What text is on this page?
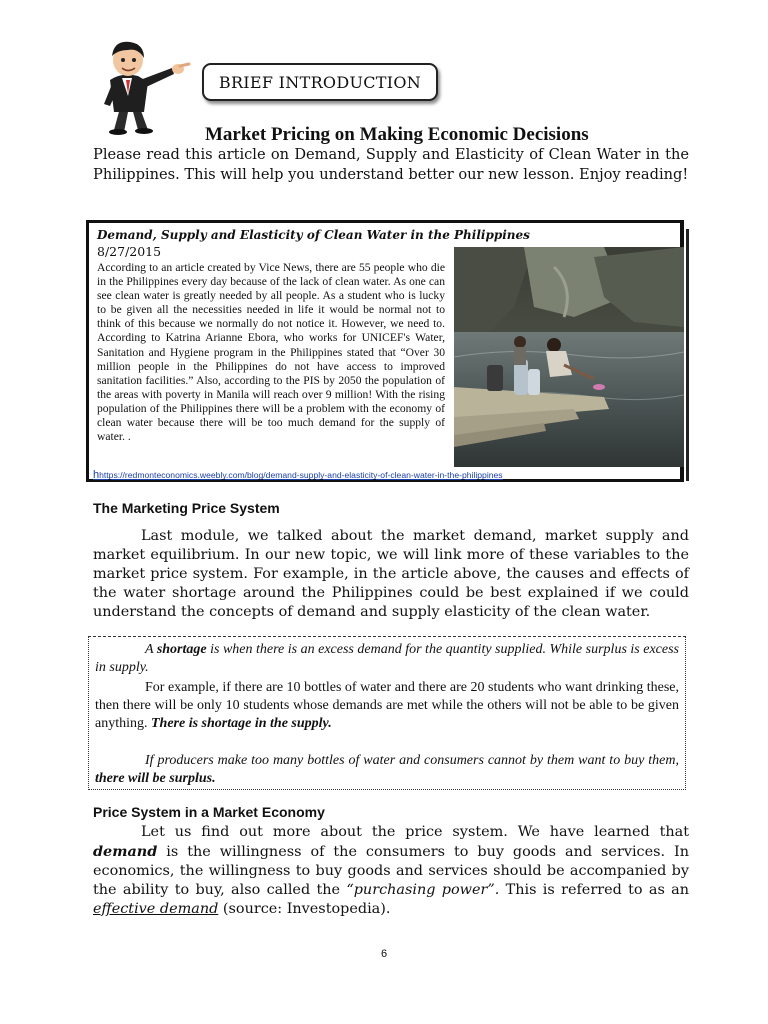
BRIEF INTRODUCTION
Market Pricing on Making Economic Decisions
Please read this article on Demand, Supply and Elasticity of Clean Water in the Philippines. This will help you understand better our new lesson. Enjoy reading!
Demand, Supply and Elasticity of Clean Water in the Philippines
8/27/2015
According to an article created by Vice News, there are 55 people who die in the Philippines every day because of the lack of clean water. As one can see clean water is greatly needed by all people. As a student who is lucky to be given all the necessities needed in life it would be normal not to think of this because we normally do not notice it. However, we need to. According to Katrina Arianne Ebora, who works for UNICEF's Water, Sanitation and Hygiene program in the Philippines stated that “Over 30 million people in the Philippines do not have access to improved sanitation facilities.” Also, according to the PIS by 2050 the population of the areas with poverty in Manila will reach over 9 million! With the rising population of the Philippines there will be a problem with the economy of clean water because there will be too much demand for the supply of water. .
hhttps://redmonteconomics.weebly.com/blog/demand-supply-and-elasticity-of-clean-water-in-the-philippines
The Marketing Price System
Last module, we talked about the market demand, market supply and market equilibrium. In our new topic, we will link more of these variables to the market price system. For example, in the article above, the causes and effects of the water shortage around the Philippines could be best explained if we could understand the concepts of demand and supply elasticity of the clean water.
A shortage is when there is an excess demand for the quantity supplied. While surplus is excess in supply.
For example, if there are 10 bottles of water and there are 20 students who want drinking these, then there will be only 10 students whose demands are met while the others will not be able to be given anything. There is shortage in the supply.
If producers make too many bottles of water and consumers cannot by them want to buy them, there will be surplus.
Price System in a Market Economy
Let us find out more about the price system. We have learned that demand is the willingness of the consumers to buy goods and services. In economics, the willingness to buy goods and services should be accompanied by the ability to buy, also called the “purchasing power”. This is referred to as an effective demand (source: Investopedia).
6
